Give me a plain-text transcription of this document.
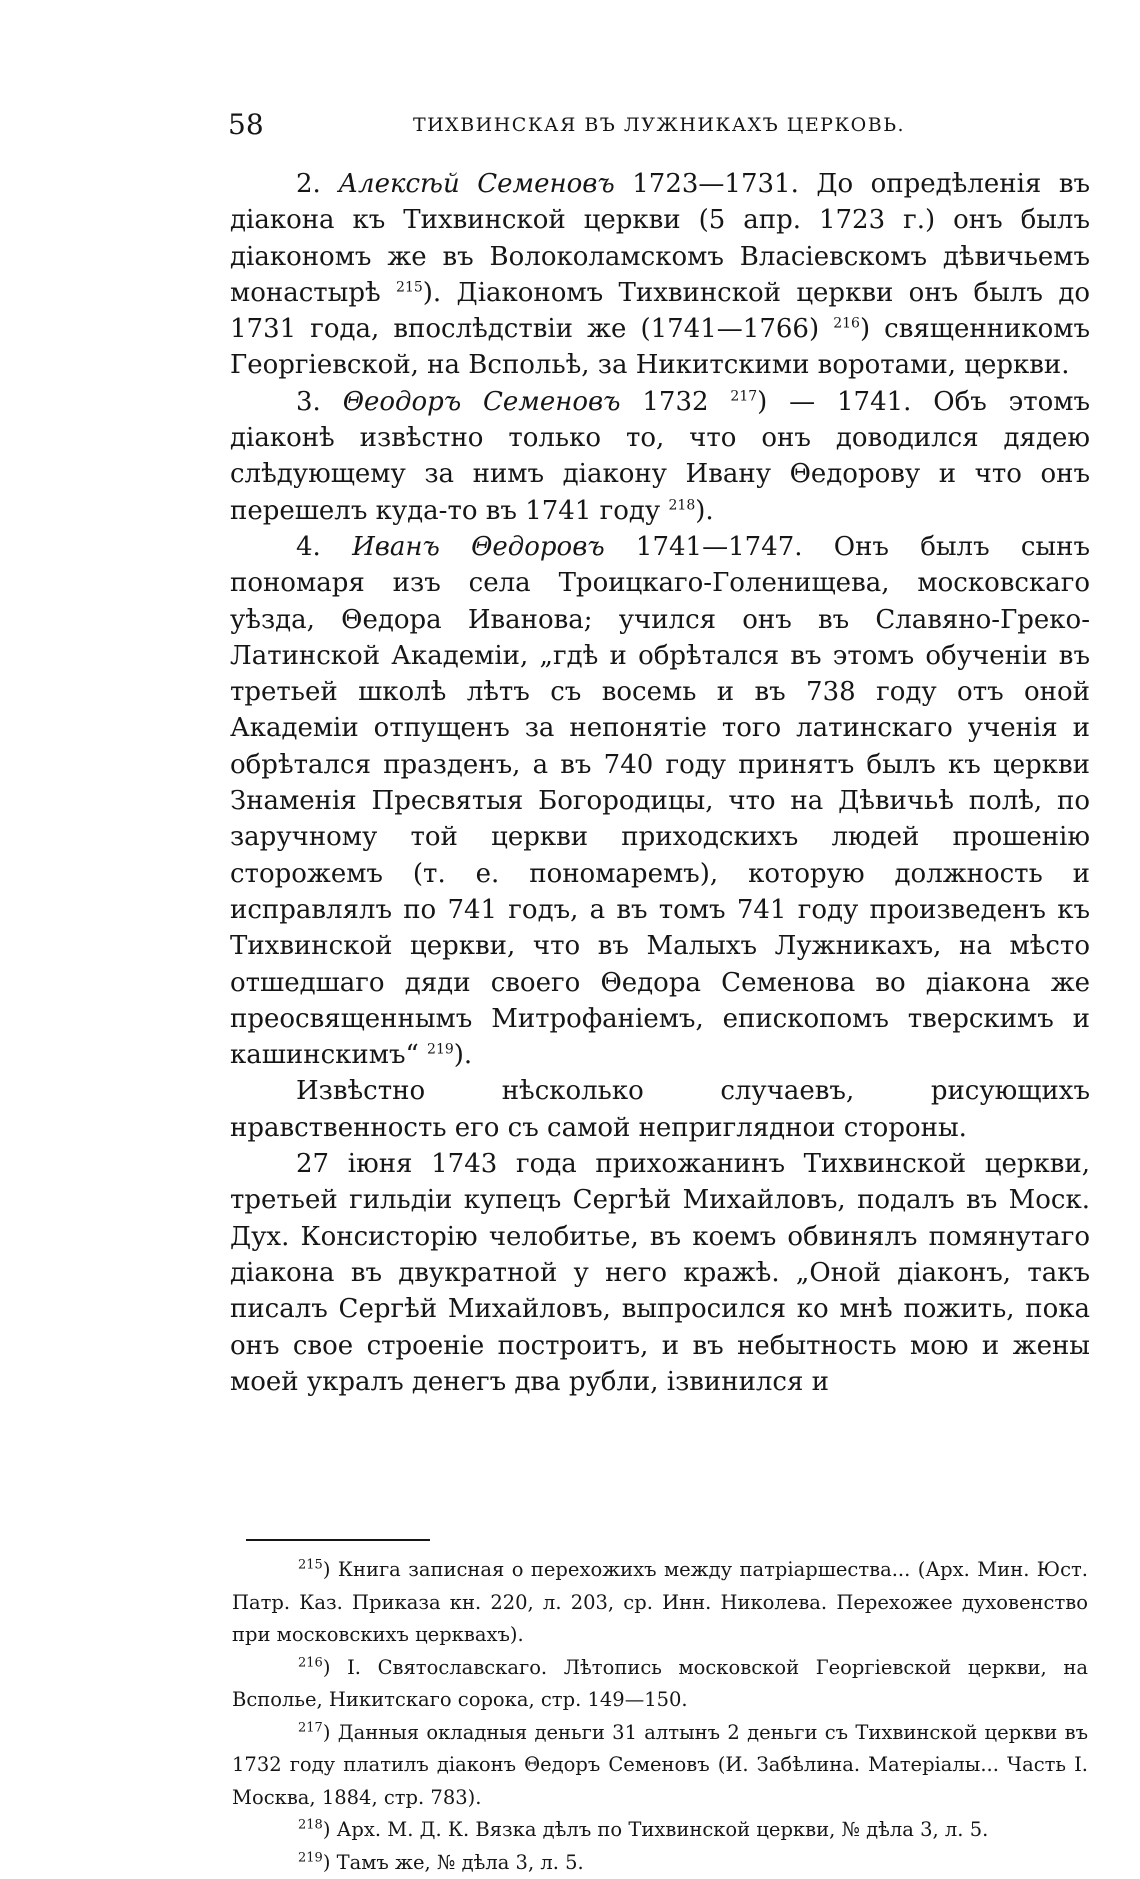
58	ТИХВИНСКАЯ ВЪ ЛУЖНИКАХЪ ЦЕРКОВЬ.

2. Алексѣй Семеновъ 1723—1731. До опредѣленія въ діакона къ Тихвинской церкви (5 апр. 1723 г.) онъ былъ діакономъ же въ Волоколамскомъ Власіевскомъ дѣвичьемъ монастырѣ $^{215}$). Діакономъ Тихвинской церкви онъ былъ до 1731 года, впослѣдствіи же (1741—1766) $^{216}$) священникомъ Георгіевской, на Вспольѣ, за Никитскими воротами, церкви.

3. Θеодоръ Семеновъ 1732 $^{217}$) — 1741. Объ этомъ діаконѣ извѣстно только то, что онъ доводился дядею слѣдующему за нимъ діакону Ивану Θедорову и что онъ перешелъ куда-то въ 1741 году $^{218}$).

4. Иванъ Θедоровъ 1741—1747. Онъ былъ сынъ пономаря изъ села Троицкаго-Голенищева, московскаго уѣзда, Θедора Иванова; учился онъ въ Славяно-Греко-Латинской Академіи, „гдѣ и обрѣтался въ этомъ обученіи въ третьей школѣ лѣтъ съ восемь и въ 738 году отъ оной Академіи отпущенъ за непонятіе того латинскаго ученія и обрѣтался празденъ, а въ 740 году принятъ былъ къ церкви Знаменія Пресвятыя Богородицы, что на Дѣвичьѣ полѣ, по заручному той церкви приходскихъ людей прошенію сторожемъ (т. е. пономаремъ), которую должность и исправлялъ по 741 годъ, а въ томъ 741 году произведенъ къ Тихвинской церкви, что въ Малыхъ Лужникахъ, на мѣсто отшедшаго дяди своего Θедора Семенова во діакона же преосвященнымъ Митрофаніемъ, епископомъ тверскимъ и кашинскимъ“ $^{219}$).

Извѣстно нѣсколько случаевъ, рисующихъ нравственность его съ самой непригляднои стороны.

27 іюня 1743 года прихожанинъ Тихвинской церкви, третьей гильдіи купецъ Сергѣй Михайловъ, подалъ въ Моск. Дух. Консисторію челобитье, въ коемъ обвинялъ помянутаго діакона въ двукратной у него кражѣ. „Оной діаконъ, такъ писалъ Сергѣй Михайловъ, выпросился ко мнѣ пожить, пока онъ свое строеніе построитъ, и въ небытность мою и жены моей укралъ денегъ два рубли, ізвинился и

$^{215}$) Книга записная о перехожихъ между патріаршества... (Арх. Мин. Юст. Патр. Каз. Приказа кн. 220, л. 203, ср. Инн. Николева. Перехожее духовенство при московскихъ церквахъ).

$^{216}$) І. Святославскаго. Лѣтопись московской Георгіевской церкви, на Всполье, Никитскаго сорока, стр. 149—150.

$^{217}$) Данныя окладныя деньги 31 алтынъ 2 деньги съ Тихвинской церкви въ 1732 году платилъ діаконъ Θедоръ Семеновъ (И. Забѣлина. Матеріалы... Часть I. Москва, 1884, стр. 783).

$^{218}$) Арх. М. Д. К. Вязка дѣлъ по Тихвинской церкви, № дѣла 3, л. 5.

$^{219}$) Тамъ же, № дѣла 3, л. 5.
